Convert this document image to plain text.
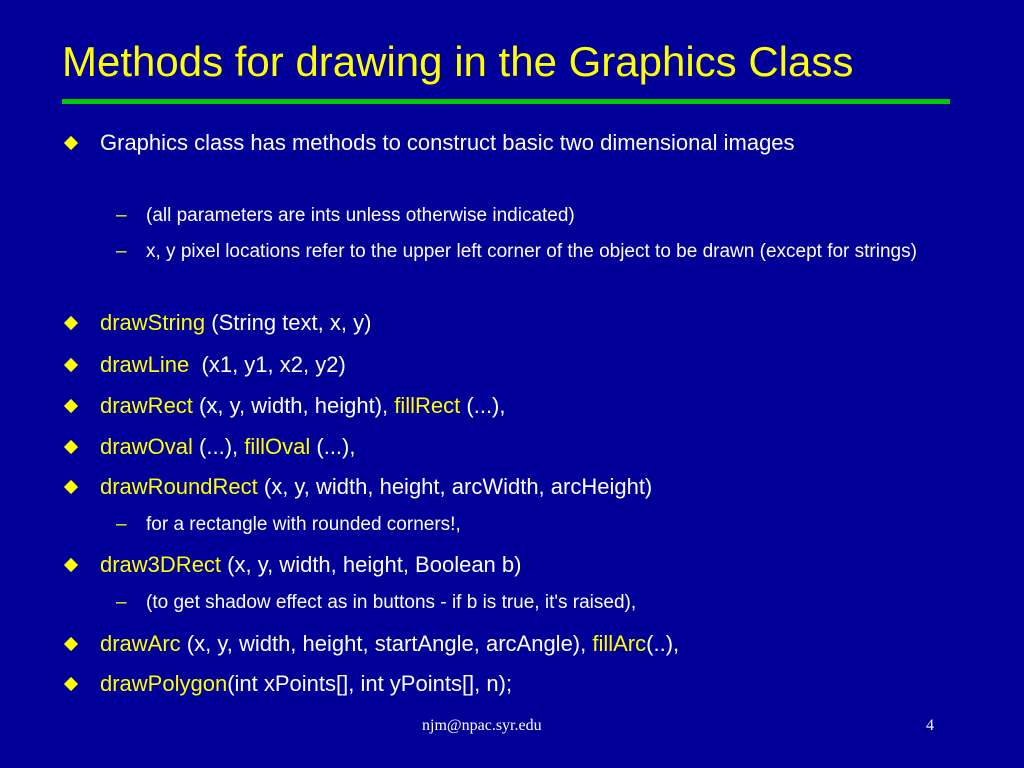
Methods for drawing in the Graphics Class
Graphics class has methods to construct basic two dimensional images
– (all parameters are ints unless otherwise indicated)
– x, y pixel locations refer to the upper left corner of the object to be drawn (except for strings)
drawString (String text, x, y)
drawLine  (x1, y1, x2, y2)
drawRect (x, y, width, height), fillRect (...),
drawOval (...), fillOval (...),
drawRoundRect (x, y, width, height, arcWidth, arcHeight)
– for a rectangle with rounded corners!,
draw3DRect (x, y, width, height, Boolean b)
– (to get shadow effect as in buttons - if b is true, it's raised),
drawArc (x, y, width, height, startAngle, arcAngle), fillArc(..),
drawPolygon(int xPoints[], int yPoints[], n);
njm@npac.syr.edu	4
